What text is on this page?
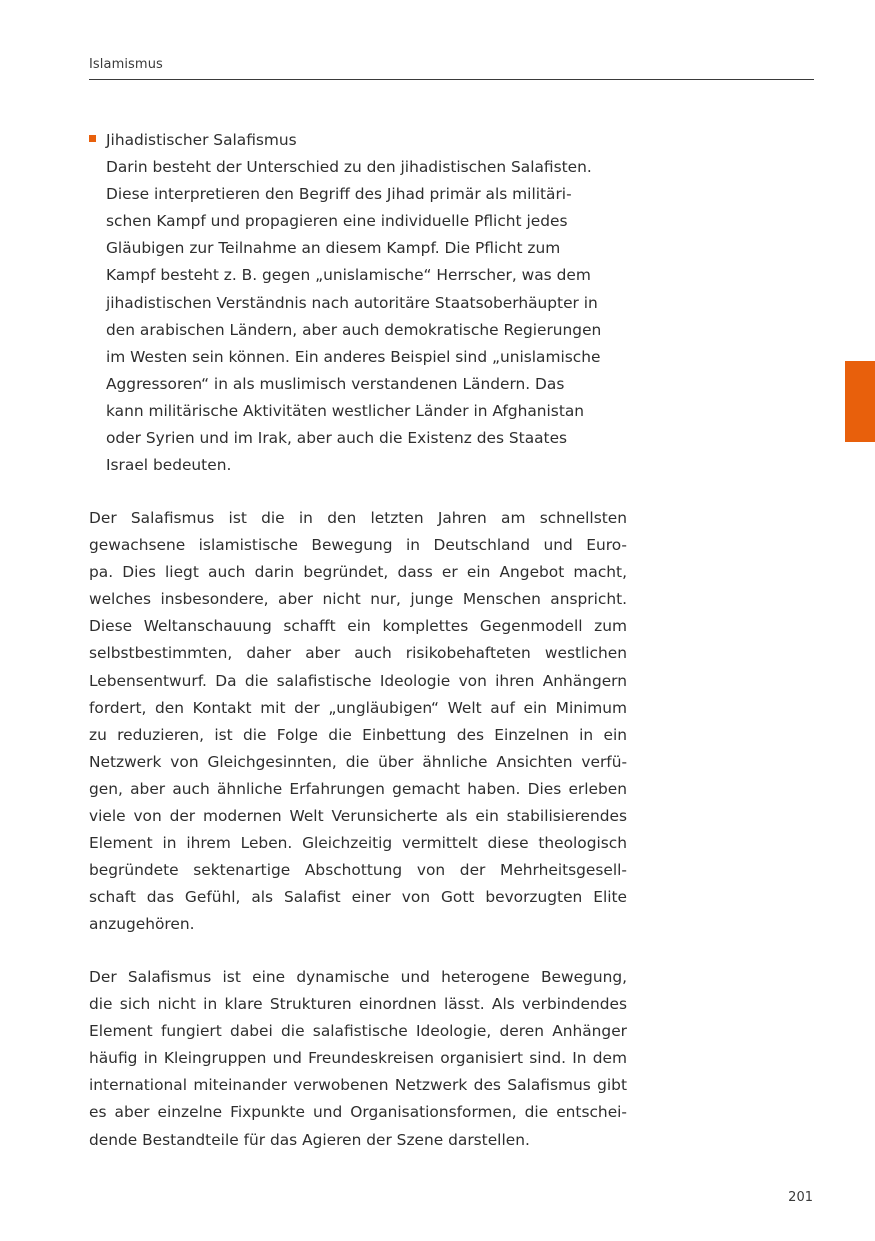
Islamismus

Jihadistischer Salafismus
Darin besteht der Unterschied zu den jihadistischen Salafisten.
Diese interpretieren den Begriff des Jihad primär als militäri-
schen Kampf und propagieren eine individuelle Pflicht jedes
Gläubigen zur Teilnahme an diesem Kampf. Die Pflicht zum
Kampf besteht z. B. gegen „unislamische“ Herrscher, was dem
jihadistischen Verständnis nach autoritäre Staatsoberhäupter in
den arabischen Ländern, aber auch demokratische Regierungen
im Westen sein können. Ein anderes Beispiel sind „unislamische
Aggressoren“ in als muslimisch verstandenen Ländern. Das
kann militärische Aktivitäten westlicher Länder in Afghanistan
oder Syrien und im Irak, aber auch die Existenz des Staates
Israel bedeuten.

Der Salafismus ist die in den letzten Jahren am schnellsten
gewachsene islamistische Bewegung in Deutschland und Euro-
pa. Dies liegt auch darin begründet, dass er ein Angebot macht,
welches insbesondere, aber nicht nur, junge Menschen anspricht.
Diese Weltanschauung schafft ein komplettes Gegenmodell zum
selbstbestimmten, daher aber auch risikobehafteten westlichen
Lebensentwurf. Da die salafistische Ideologie von ihren Anhängern
fordert, den Kontakt mit der „ungläubigen“ Welt auf ein Minimum
zu reduzieren, ist die Folge die Einbettung des Einzelnen in ein
Netzwerk von Gleichgesinnten, die über ähnliche Ansichten verfü-
gen, aber auch ähnliche Erfahrungen gemacht haben. Dies erleben
viele von der modernen Welt Verunsicherte als ein stabilisierendes
Element in ihrem Leben. Gleichzeitig vermittelt diese theologisch
begründete sektenartige Abschottung von der Mehrheitsgesell-
schaft das Gefühl, als Salafist einer von Gott bevorzugten Elite
anzugehören.

Der Salafismus ist eine dynamische und heterogene Bewegung,
die sich nicht in klare Strukturen einordnen lässt. Als verbindendes
Element fungiert dabei die salafistische Ideologie, deren Anhänger
häufig in Kleingruppen und Freundeskreisen organisiert sind. In dem
international miteinander verwobenen Netzwerk des Salafismus gibt
es aber einzelne Fixpunkte und Organisationsformen, die entschei-
dende Bestandteile für das Agieren der Szene darstellen.

201
